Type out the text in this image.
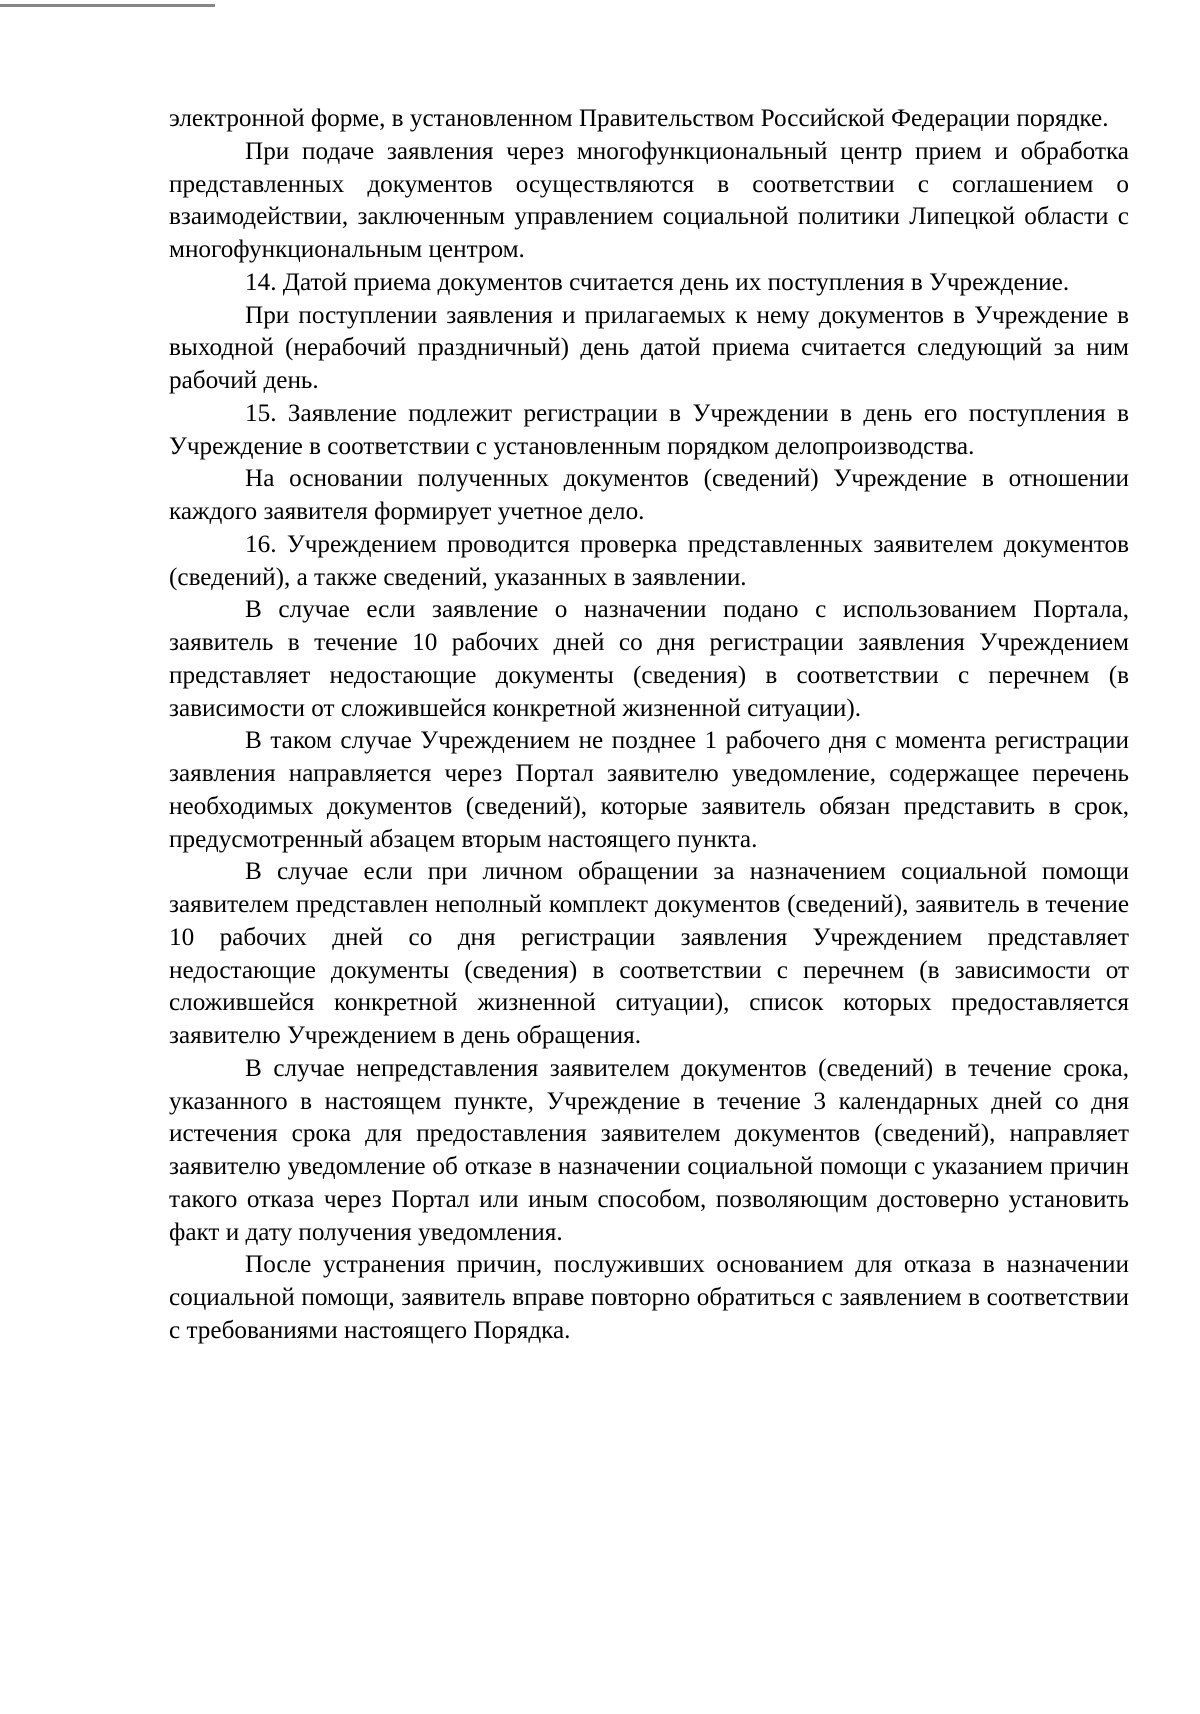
электронной форме, в установленном Правительством Российской Федерации порядке.

При подаче заявления через многофункциональный центр прием и обработка представленных документов осуществляются в соответствии с соглашением о взаимодействии, заключенным управлением социальной политики Липецкой области с многофункциональным центром.

14. Датой приема документов считается день их поступления в Учреждение.

При поступлении заявления и прилагаемых к нему документов в Учреждение в выходной (нерабочий праздничный) день датой приема считается следующий за ним рабочий день.

15. Заявление подлежит регистрации в Учреждении в день его поступления в Учреждение в соответствии с установленным порядком делопроизводства.

На основании полученных документов (сведений) Учреждение в отношении каждого заявителя формирует учетное дело.

16. Учреждением проводится проверка представленных заявителем документов (сведений), а также сведений, указанных в заявлении.

В случае если заявление о назначении подано с использованием Портала, заявитель в течение 10 рабочих дней со дня регистрации заявления Учреждением представляет недостающие документы (сведения) в соответствии с перечнем (в зависимости от сложившейся конкретной жизненной ситуации).

В таком случае Учреждением не позднее 1 рабочего дня с момента регистрации заявления направляется через Портал заявителю уведомление, содержащее перечень необходимых документов (сведений), которые заявитель обязан представить в срок, предусмотренный абзацем вторым настоящего пункта.

В случае если при личном обращении за назначением социальной помощи заявителем представлен неполный комплект документов (сведений), заявитель в течение 10 рабочих дней со дня регистрации заявления Учреждением представляет недостающие документы (сведения) в соответствии с перечнем (в зависимости от сложившейся конкретной жизненной ситуации), список которых предоставляется заявителю Учреждением в день обращения.

В случае непредставления заявителем документов (сведений) в течение срока, указанного в настоящем пункте, Учреждение в течение 3 календарных дней со дня истечения срока для предоставления заявителем документов (сведений), направляет заявителю уведомление об отказе в назначении социальной помощи с указанием причин такого отказа через Портал или иным способом, позволяющим достоверно установить факт и дату получения уведомления.

После устранения причин, послуживших основанием для отказа в назначении социальной помощи, заявитель вправе повторно обратиться с заявлением в соответствии с требованиями настоящего Порядка.
